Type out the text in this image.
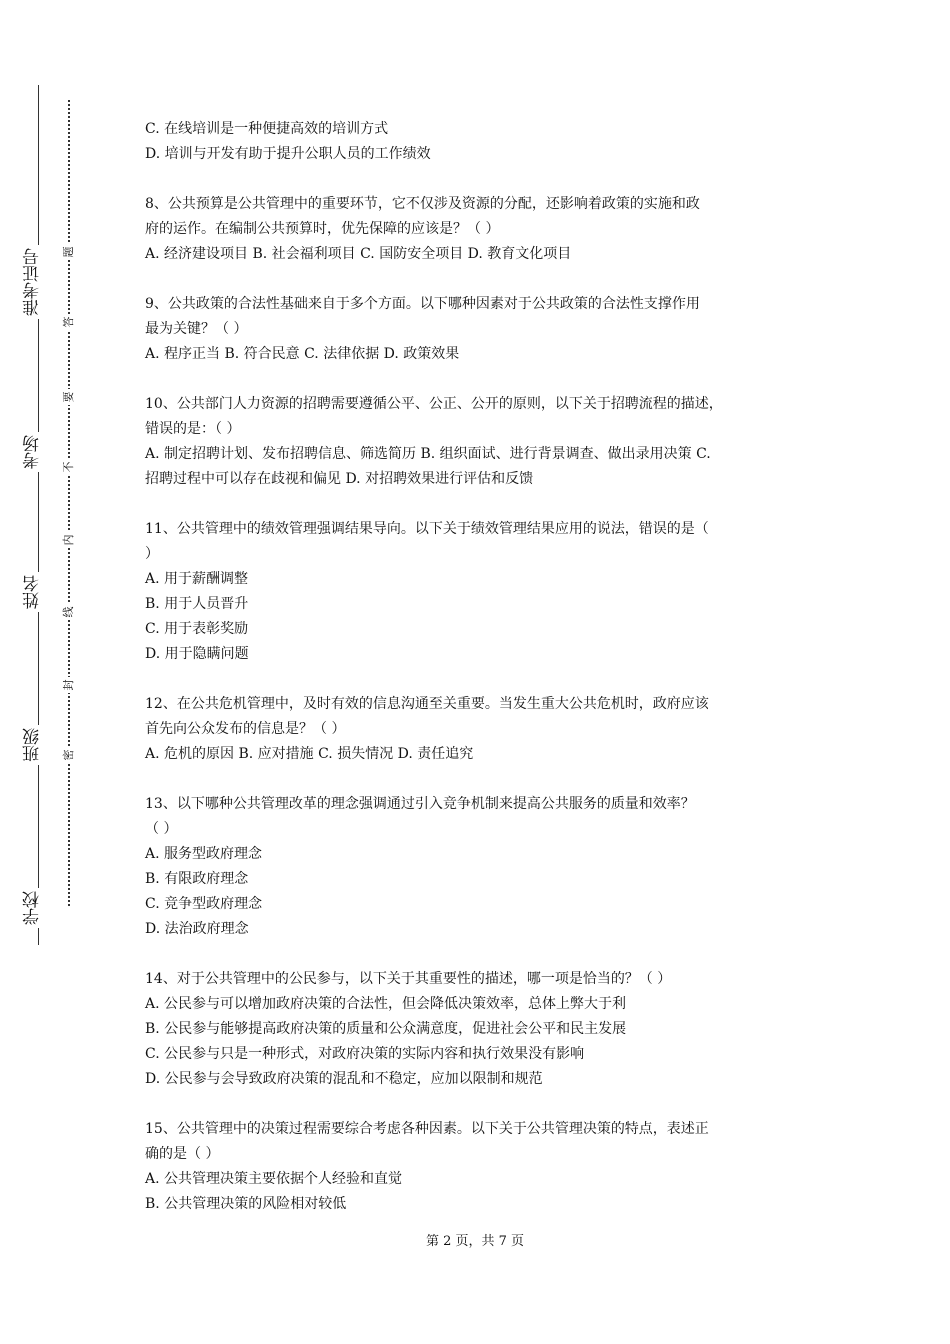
准考证号
考场
姓名
班级
学校
题
答
要
不
内
线
封
密
C. 在线培训是一种便捷高效的培训方式
D. 培训与开发有助于提升公职人员的工作绩效
8、公共预算是公共管理中的重要环节，它不仅涉及资源的分配，还影响着政策的实施和政
府的运作。在编制公共预算时，优先保障的应该是？（ ）
A. 经济建设项目 B. 社会福利项目 C. 国防安全项目 D. 教育文化项目
9、公共政策的合法性基础来自于多个方面。以下哪种因素对于公共政策的合法性支撑作用
最为关键？（ ）
A. 程序正当 B. 符合民意 C. 法律依据 D. 政策效果
10、公共部门人力资源的招聘需要遵循公平、公正、公开的原则，以下关于招聘流程的描述，
错误的是：（ ）
A. 制定招聘计划、发布招聘信息、筛选简历 B. 组织面试、进行背景调查、做出录用决策 C.
招聘过程中可以存在歧视和偏见 D. 对招聘效果进行评估和反馈
11、公共管理中的绩效管理强调结果导向。以下关于绩效管理结果应用的说法，错误的是（
）
A. 用于薪酬调整
B. 用于人员晋升
C. 用于表彰奖励
D. 用于隐瞒问题
12、在公共危机管理中，及时有效的信息沟通至关重要。当发生重大公共危机时，政府应该
首先向公众发布的信息是？（ ）
A. 危机的原因 B. 应对措施 C. 损失情况 D. 责任追究
13、以下哪种公共管理改革的理念强调通过引入竞争机制来提高公共服务的质量和效率？
（ ）
A. 服务型政府理念
B. 有限政府理念
C. 竞争型政府理念
D. 法治政府理念
14、对于公共管理中的公民参与，以下关于其重要性的描述，哪一项是恰当的？（ ）
A. 公民参与可以增加政府决策的合法性，但会降低决策效率，总体上弊大于利
B. 公民参与能够提高政府决策的质量和公众满意度，促进社会公平和民主发展
C. 公民参与只是一种形式，对政府决策的实际内容和执行效果没有影响
D. 公民参与会导致政府决策的混乱和不稳定，应加以限制和规范
15、公共管理中的决策过程需要综合考虑各种因素。以下关于公共管理决策的特点，表述正
确的是（ ）
A. 公共管理决策主要依据个人经验和直觉
B. 公共管理决策的风险相对较低
第 2 页，共 7 页
